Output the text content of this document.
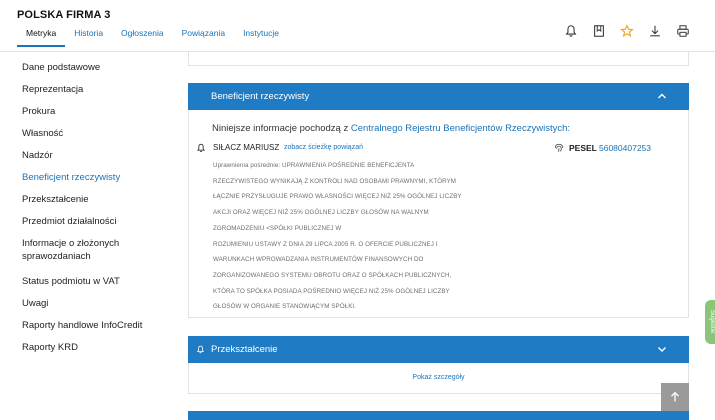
POLSKA FIRMA 3
Metryka	Historia	Ogłoszenia	Powiązania	Instytucje
Dane podstawowe
Reprezentacja
Prokura
Własność
Nadzór
Beneficjent rzeczywisty
Przekształcenie
Przedmiot działalności
Informacje o złożonych sprawozdaniach
Status podmiotu w VAT
Uwagi
Raporty handlowe InfoCredit
Raporty KRD
Beneficjent rzeczywisty
Niniejsze informacje pochodzą z Centralnego Rejestru Beneficjentów Rzeczywistych:
SIŁACZ MARIUSZ zobacz ścieżkę powiązań	PESEL 56080407253
Uprawnienia pośrednie: UPRAWNIENIA POŚREDNIE BENEFICJENTA
RZECZYWISTEGO WYNIKAJĄ Z KONTROLI NAD OSOBAMI PRAWNYMI, KTÓRYM
ŁĄCZNIE PRZYSŁUGUJE PRAWO WŁASNOŚCI WIĘCEJ NIŻ 25% OGÓLNEJ LICZBY
AKCJI ORAZ WIĘCEJ NIŻ 25% OGÓLNEJ LICZBY GŁOSÓW NA WALNYM
ZGROMADZENIU <SPÓŁKI PUBLICZNEJ W
ROZUMIENIU USTAWY Z DNIA 29 LIPCA 2005 R. O OFERCIE PUBLICZNEJ I
WARUNKACH WPROWADZANIA INSTRUMENTÓW FINANSOWYCH DO
ZORGANIZOWANEGO SYSTEMU OBROTU ORAZ O SPÓŁKACH PUBLICZNYCH,
KTÓRA TO SPÓŁKA POSIADA POŚREDNIO WIĘCEJ NIŻ 25% OGÓLNEJ LICZBY
GŁOSÓW W ORGANIE STANOWIĄCYM SPÓŁKI.
Przekształcenie
Pokaż szczegóły
Sugestie
